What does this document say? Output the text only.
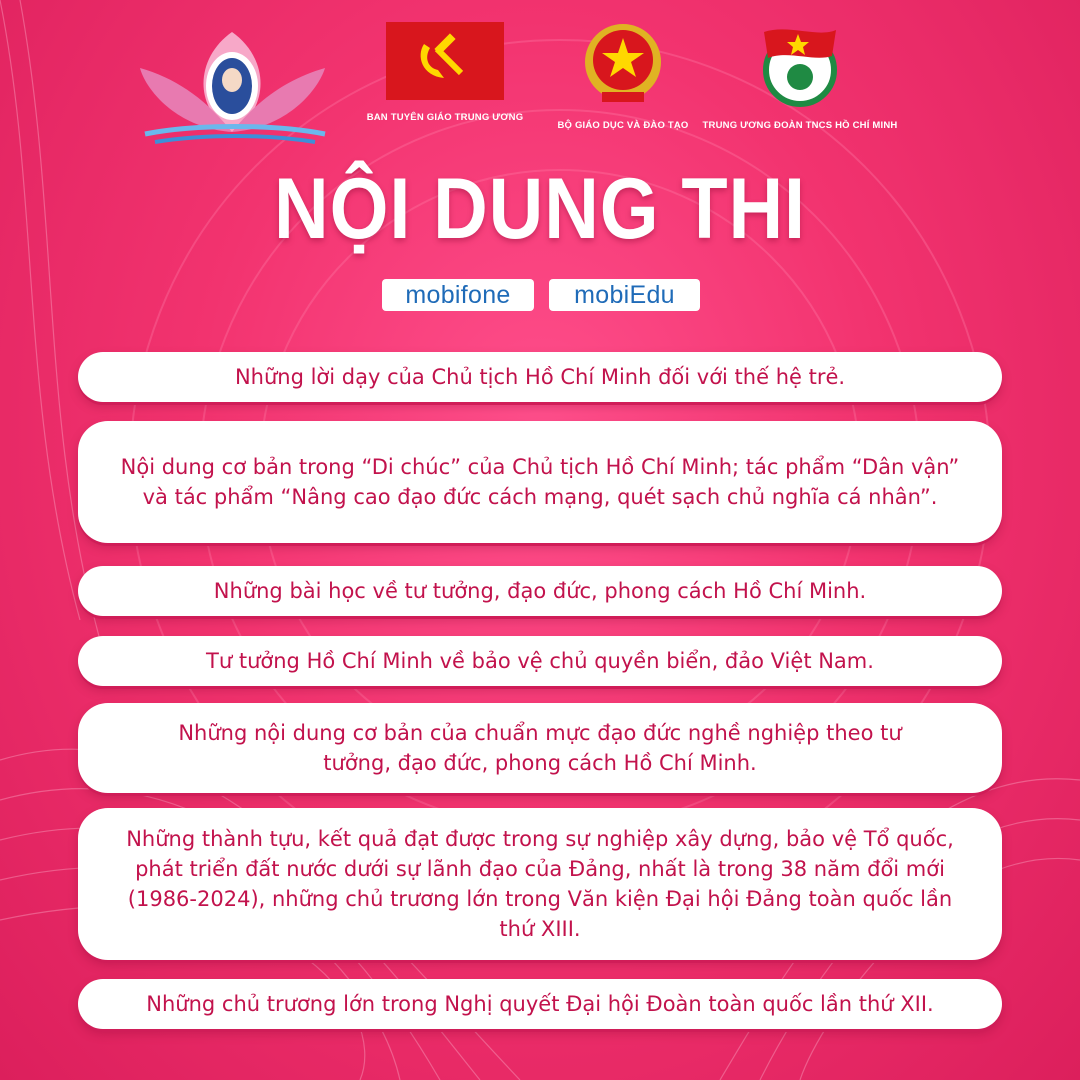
BAN TUYÊN GIÁO TRUNG ƯƠNG
BỘ GIÁO DỤC VÀ ĐÀO TẠO	TRUNG ƯƠNG ĐOÀN TNCS HỒ CHÍ MINH
NỘI DUNG THI
mobifone	mobiEdu
Những lời dạy của Chủ tịch Hồ Chí Minh đối với thế hệ trẻ.
Nội dung cơ bản trong “Di chúc” của Chủ tịch Hồ Chí Minh; tác phẩm “Dân vận” và tác phẩm “Nâng cao đạo đức cách mạng, quét sạch chủ nghĩa cá nhân”.
Những bài học về tư tưởng, đạo đức, phong cách Hồ Chí Minh.
Tư tưởng Hồ Chí Minh về bảo vệ chủ quyền biển, đảo Việt Nam.
Những nội dung cơ bản của chuẩn mực đạo đức nghề nghiệp theo tư tưởng, đạo đức, phong cách Hồ Chí Minh.
Những thành tựu, kết quả đạt được trong sự nghiệp xây dựng, bảo vệ Tổ quốc, phát triển đất nước dưới sự lãnh đạo của Đảng, nhất là trong 38 năm đổi mới (1986-2024), những chủ trương lớn trong Văn kiện Đại hội Đảng toàn quốc lần thứ XIII.
Những chủ trương lớn trong Nghị quyết Đại hội Đoàn toàn quốc lần thứ XII.
